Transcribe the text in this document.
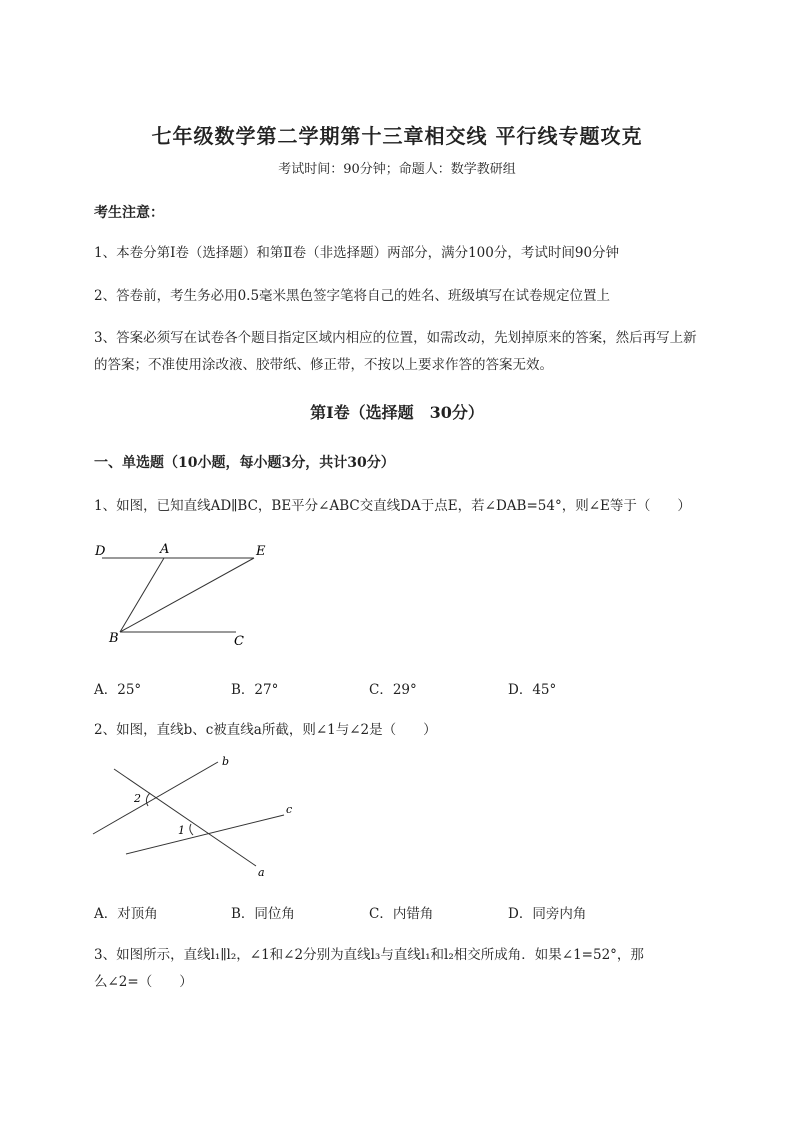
七年级数学第二学期第十三章相交线 平行线专题攻克
考试时间：90分钟；命题人：数学教研组
考生注意：
1、本卷分第I卷（选择题）和第Ⅱ卷（非选择题）两部分，满分100分，考试时间90分钟
2、答卷前，考生务必用0.5毫米黑色签字笔将自己的姓名、班级填写在试卷规定位置上
3、答案必须写在试卷各个题目指定区域内相应的位置，如需改动，先划掉原来的答案，然后再写上新
的答案；不准使用涂改液、胶带纸、修正带，不按以上要求作答的答案无效。
第I卷（选择题　30分）
一、单选题（10小题，每小题3分，共计30分）
1、如图，已知直线AD∥BC，BE平分∠ABC交直线DA于点E，若∠DAB=54°，则∠E等于（　　）
D	A	E
B	C
A．25°	B．27°	C．29°	D．45°
2、如图，直线b、c被直线a所截，则∠1与∠2是（　　）
b
c
a
2
1
A．对顶角	B．同位角	C．内错角	D．同旁内角
3、如图所示，直线l₁∥l₂，∠1和∠2分别为直线l₃与直线l₁和l₂相交所成角．如果∠1=52°，那
么∠2=（　　）
